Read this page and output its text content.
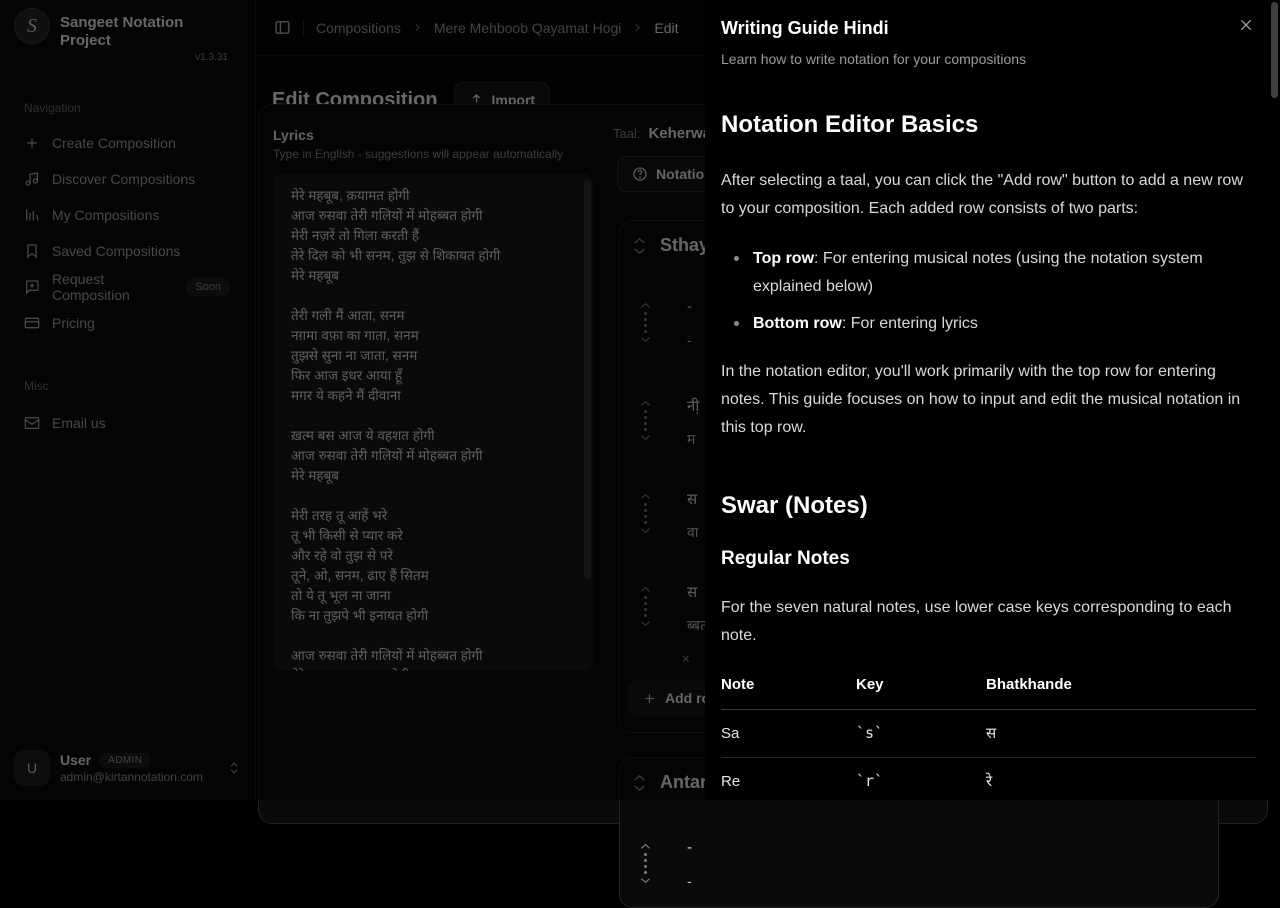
मेरे महबूब, क़यामत होगी आज रुसवा तेरी गलियों में मोहब्बत होगी मेरी नज़रें तो गिला करती हैं तेरे दिल को भी सनम, तुझ से शिकायत होगी मेरे महबूब तेरी गली मैं आता, सनम नग़मा वफ़ा का गाता, सनम तुझसे सुना ना जाता, सनम फिर आज इधर आया हूँ मगर ये कहने मैं दीवाना ख़त्म बस आज ये वहशत होगी आज रुसवा तेरी गलियों में मोहब्बत होगी मेरे महबूब मेरी तरह तू आहें भरे तू भी किसी से प्यार करे और रहे वो तुझ से परे तूने, ओ, सनम, ढाए हैं सितम तो ये तू भूल ना जाना कि ना तुझपे भी इनायत होगी आज रुसवा तेरी गलियों में मोहब्बत होगी मेरे महबूब, क़यामत होगी
-
-
Writing Guide Hindi
Learn how to write notation for your compositions
Notation Editor Basics

After selecting a taal, you can click the "Add row" button to add a new row to your composition. Each added row consists of two parts:

Top row: For entering musical notes (using the notation system explained below)
Bottom row: For entering lyrics

In the notation editor, you'll work primarily with the top row for entering notes. This guide focuses on how to input and edit the musical notation in this top row.

Swar (Notes)
Regular Notes

For the seven natural notes, use lower case keys corresponding to each note.

Note	Key	Bhatkhande
Sa	`s`	स
Re	`r`	रे
